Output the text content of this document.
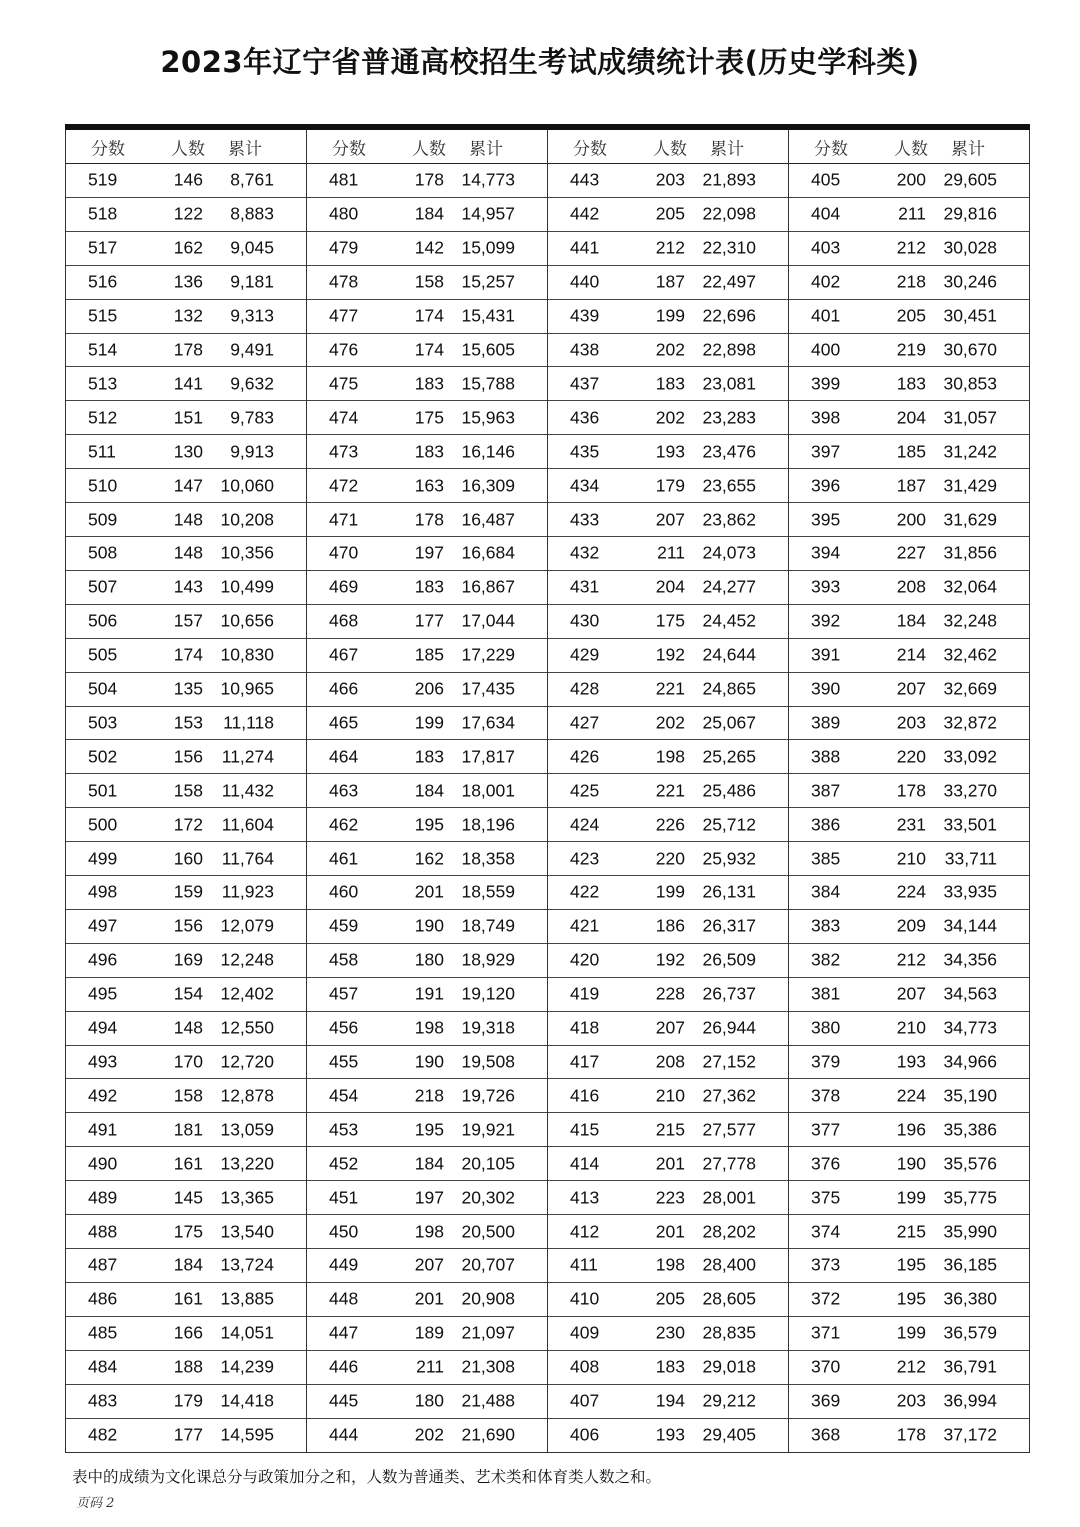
2023年辽宁省普通高校招生考试成绩统计表(历史学科类)
分数	人数 累计
519	146 8,761
518	122 8,883
517	162 9,045
516	136 9,181
515	132 9,313
514	178 9,491
513	141 9,632
512	151 9,783
511	130 9,913
510	147 10,060
509	148 10,208
508	148 10,356
507	143 10,499
506	157 10,656
505	174 10,830
504	135 10,965
503	153 11,118
502	156 11,274
501	158 11,432
500	172 11,604
499	160 11,764
498	159 11,923
497	156 12,079
496	169 12,248
495	154 12,402
494	148 12,550
493	170 12,720
492	158 12,878
491	181 13,059
490	161 13,220
489	145 13,365
488	175 13,540
487	184 13,724
486	161 13,885
485	166 14,051
484	188 14,239
483	179 14,418
482	177 14,595
分数	人数 累计
481	178 14,773
480	184 14,957
479	142 15,099
478	158 15,257
477	174 15,431
476	174 15,605
475	183 15,788
474	175 15,963
473	183 16,146
472	163 16,309
471	178 16,487
470	197 16,684
469	183 16,867
468	177 17,044
467	185 17,229
466	206 17,435
465	199 17,634
464	183 17,817
463	184 18,001
462	195 18,196
461	162 18,358
460	201 18,559
459	190 18,749
458	180 18,929
457	191 19,120
456	198 19,318
455	190 19,508
454	218 19,726
453	195 19,921
452	184 20,105
451	197 20,302
450	198 20,500
449	207 20,707
448	201 20,908
447	189 21,097
446	211 21,308
445	180 21,488
444	202 21,690
分数	人数 累计
443	203 21,893
442	205 22,098
441	212 22,310
440	187 22,497
439	199 22,696
438	202 22,898
437	183 23,081
436	202 23,283
435	193 23,476
434	179 23,655
433	207 23,862
432	211 24,073
431	204 24,277
430	175 24,452
429	192 24,644
428	221 24,865
427	202 25,067
426	198 25,265
425	221 25,486
424	226 25,712
423	220 25,932
422	199 26,131
421	186 26,317
420	192 26,509
419	228 26,737
418	207 26,944
417	208 27,152
416	210 27,362
415	215 27,577
414	201 27,778
413	223 28,001
412	201 28,202
411	198 28,400
410	205 28,605
409	230 28,835
408	183 29,018
407	194 29,212
406	193 29,405
分数	人数 累计
405	200 29,605
404	211 29,816
403	212 30,028
402	218 30,246
401	205 30,451
400	219 30,670
399	183 30,853
398	204 31,057
397	185 31,242
396	187 31,429
395	200 31,629
394	227 31,856
393	208 32,064
392	184 32,248
391	214 32,462
390	207 32,669
389	203 32,872
388	220 33,092
387	178 33,270
386	231 33,501
385	210 33,711
384	224 33,935
383	209 34,144
382	212 34,356
381	207 34,563
380	210 34,773
379	193 34,966
378	224 35,190
377	196 35,386
376	190 35,576
375	199 35,775
374	215 35,990
373	195 36,185
372	195 36,380
371	199 36,579
370	212 36,791
369	203 36,994
368	178 37,172
表中的成绩为文化课总分与政策加分之和，人数为普通类、艺术类和体育类人数之和。
页码 2
